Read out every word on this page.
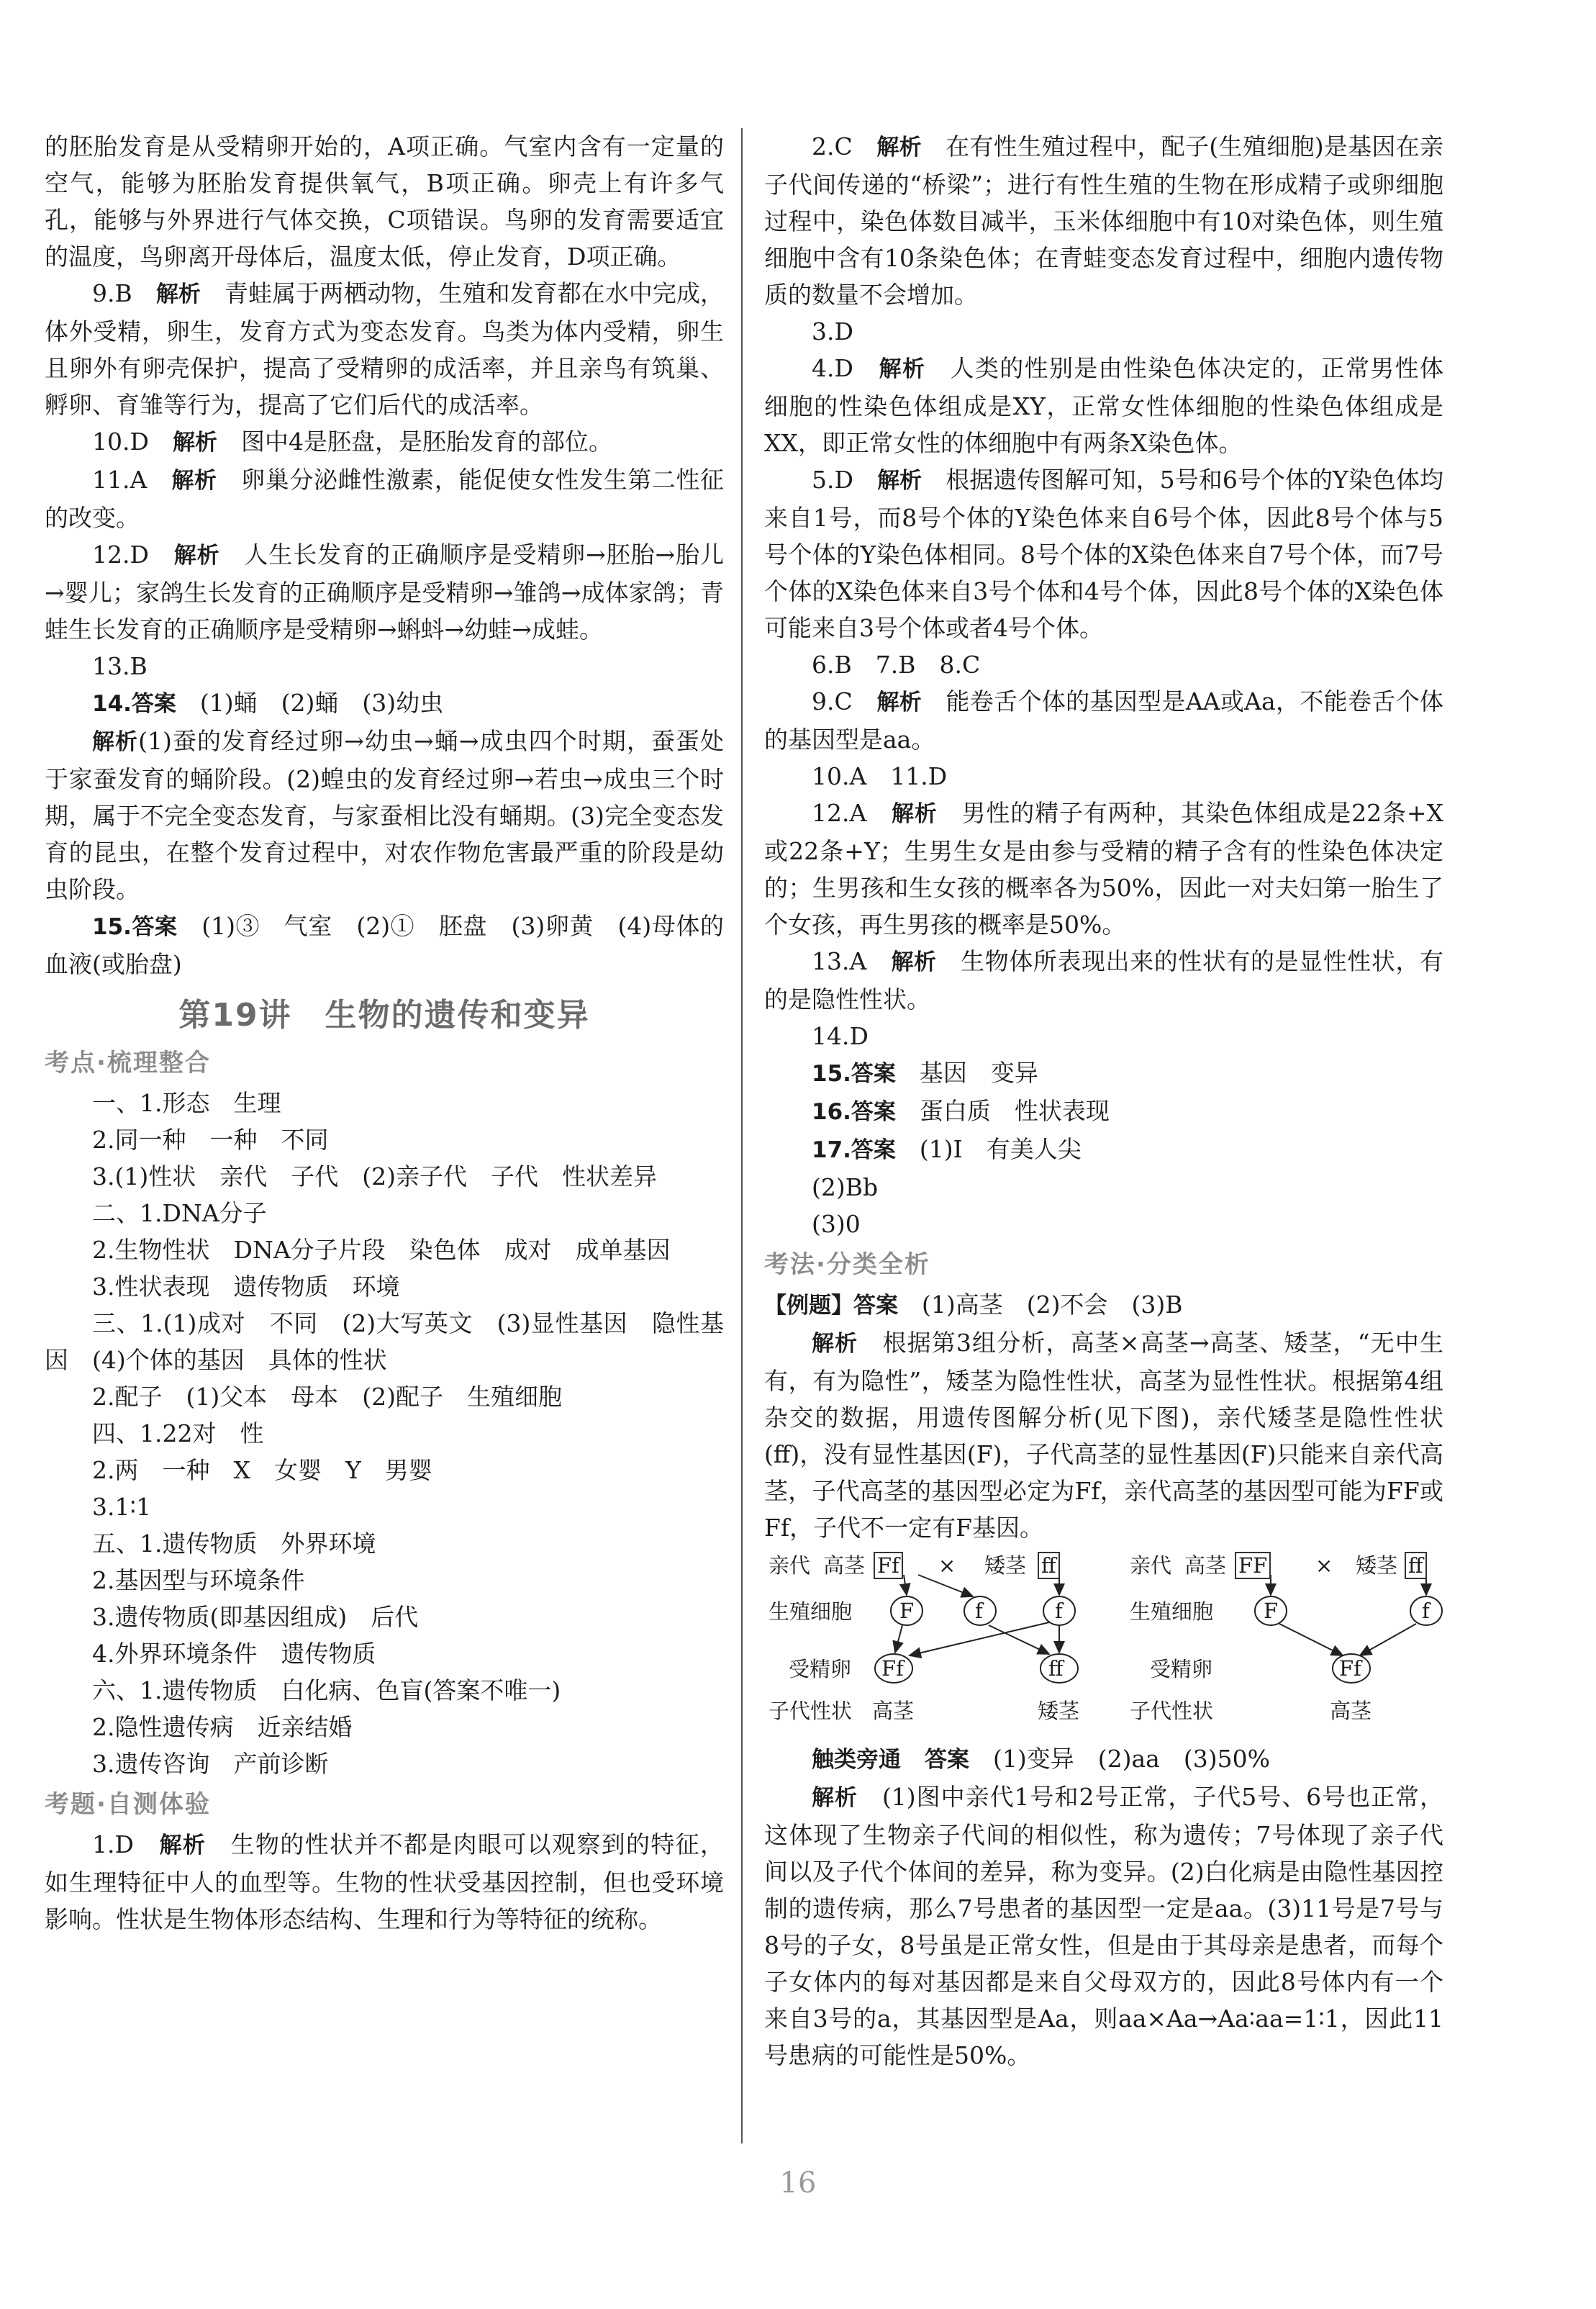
的胚胎发育是从受精卵开始的，A项正确。气室内含有一定量的空气，能够为胚胎发育提供氧气，B项正确。卵壳上有许多气孔，能够与外界进行气体交换，C项错误。鸟卵的发育需要适宜的温度，鸟卵离开母体后，温度太低，停止发育，D项正确。

9.B　 解析　 青蛙属于两栖动物，生殖和发育都在水中完成，体外受精，卵生，发育方式为变态发育。鸟类为体内受精，卵生且卵外有卵壳保护，提高了受精卵的成活率，并且亲鸟有筑巢、孵卵、育雏等行为，提高了它们后代的成活率。

10.D　 解析　 图中4是胚盘，是胚胎发育的部位。

11.A　 解析　 卵巢分泌雌性激素，能促使女性发生第二性征的改变。

12.D　 解析　 人生长发育的正确顺序是受精卵→胚胎→胎儿→婴儿；家鸽生长发育的正确顺序是受精卵→雏鸽→成体家鸽；青蛙生长发育的正确顺序是受精卵→蝌蚪→幼蛙→成蛙。

13.B

14.答案　 (1)蛹　(2)蛹　(3)幼虫

解析(1)蚕的发育经过卵→幼虫→蛹→成虫四个时期，蚕蛋处于家蚕发育的蛹阶段。(2)蝗虫的发育经过卵→若虫→成虫三个时期，属于不完全变态发育，与家蚕相比没有蛹期。(3)完全变态发育的昆虫，在整个发育过程中，对农作物危害最严重的阶段是幼虫阶段。

15.答案　 (1)③　气室　(2)①　胚盘　(3)卵黄　(4)母体的血液(或胎盘)

第19讲　生物的遗传和变异
考点·梳理整合

一、1.形态　生理

2.同一种　一种　不同

3.(1)性状　亲代　子代　(2)亲子代　子代　性状差异

二、1.DNA分子

2.生物性状　DNA分子片段　染色体　成对　成单基因

3.性状表现　遗传物质　环境

三、1.(1)成对　不同　(2)大写英文　(3)显性基因　隐性基因　(4)个体的基因　具体的性状

2.配子　(1)父本　母本　(2)配子　生殖细胞

四、1.22对　性

2.两　一种　X　女婴　Y　男婴

3.1∶1

五、1.遗传物质　外界环境

2.基因型与环境条件

3.遗传物质(即基因组成)　后代

4.外界环境条件　遗传物质

六、1.遗传物质　白化病、色盲(答案不唯一)

2.隐性遗传病　近亲结婚

3.遗传咨询　产前诊断

考题·自测体验

1.D　 解析　 生物的性状并不都是肉眼可以观察到的特征，如生理特征中人的血型等。生物的性状受基因控制，但也受环境影响。性状是生物体形态结构、生理和行为等特征的统称。

2.C　 解析　 在有性生殖过程中，配子(生殖细胞)是基因在亲子代间传递的“桥梁”；进行有性生殖的生物在形成精子或卵细胞过程中，染色体数目减半，玉米体细胞中有10对染色体，则生殖细胞中含有10条染色体；在青蛙变态发育过程中，细胞内遗传物质的数量不会增加。

3.D

4.D　 解析　 人类的性别是由性染色体决定的，正常男性体细胞的性染色体组成是XY，正常女性体细胞的性染色体组成是XX，即正常女性的体细胞中有两条X染色体。

5.D　 解析　 根据遗传图解可知，5号和6号个体的Y染色体均来自1号，而8号个体的Y染色体来自6号个体，因此8号个体与5号个体的Y染色体相同。8号个体的X染色体来自7号个体，而7号个体的X染色体来自3号个体和4号个体，因此8号个体的X染色体可能来自3号个体或者4号个体。

6.B　7.B　8.C

9.C　 解析　 能卷舌个体的基因型是AA或Aa，不能卷舌个体的基因型是aa。

10.A　11.D

12.A　 解析　 男性的精子有两种，其染色体组成是22条+X或22条+Y；生男生女是由参与受精的精子含有的性染色体决定的；生男孩和生女孩的概率各为50%，因此一对夫妇第一胎生了个女孩，再生男孩的概率是50%。

13.A　 解析　 生物体所表现出来的性状有的是显性性状，有的是隐性性状。

14.D

15.答案　 基因　变异

16.答案　 蛋白质　性状表现

17.答案　 (1)Ⅰ　有美人尖

(2)Bb

(3)0

考法·分类全析

【例题】答案　 (1)高茎　(2)不会　(3)B

解析　 根据第3组分析，高茎×高茎→高茎、矮茎，“无中生有，有为隐性”，矮茎为隐性性状，高茎为显性性状。根据第4组杂交的数据，用遗传图解分析(见下图)，亲代矮茎是隐性性状(ff)，没有显性基因(F)，子代高茎的显性基因(F)只能来自亲代高茎，子代高茎的基因型必定为Ff，亲代高茎的基因型可能为FF或Ff，子代不一定有F基因。

亲代 高茎 Ff × 矮茎 ff
生殖细胞 F	f	f
受精卵 Ff	ff
子代性状 高茎	矮茎
亲代 高茎 FF × 矮茎 ff
生殖细胞 F	f
受精卵	Ff
子代性状	高茎

触类旁通　 答案　 (1)变异　(2)aa　(3)50%

解析　 (1)图中亲代1号和2号正常，子代5号、6号也正常，这体现了生物亲子代间的相似性，称为遗传；7号体现了亲子代间以及子代个体间的差异，称为变异。(2)白化病是由隐性基因控制的遗传病，那么7号患者的基因型一定是aa。(3)11号是7号与8号的子女，8号虽是正常女性，但是由于其母亲是患者，而每个子女体内的每对基因都是来自父母双方的，因此8号体内有一个来自3号的a，其基因型是Aa，则aa×Aa→Aa∶aa=1∶1，因此11号患病的可能性是50%。

16
